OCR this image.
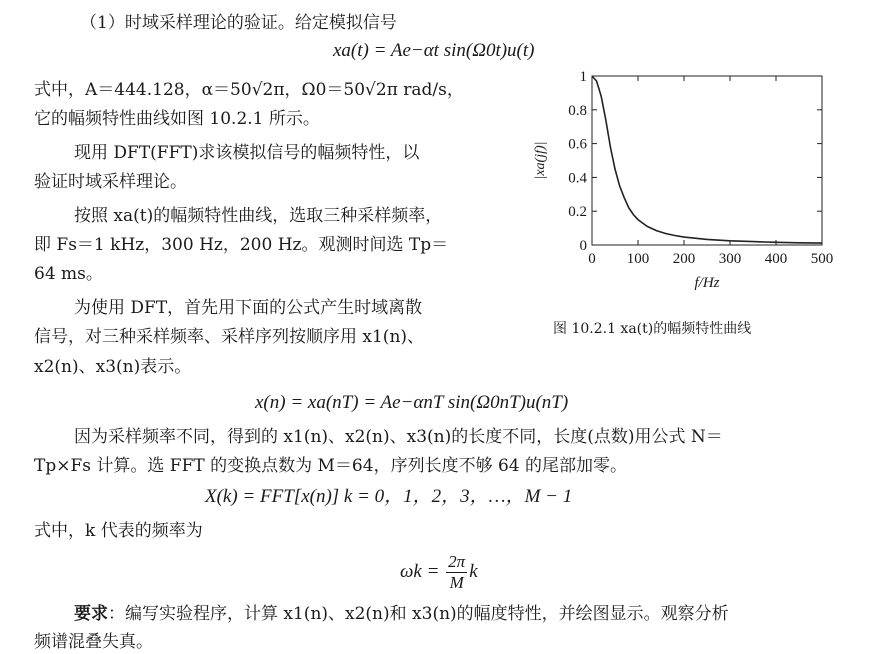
（1）时域采样理论的验证。给定模拟信号
xa(t) = Ae−αt sin(Ω0t)u(t)
式中，A＝444.128，α＝50√2π，Ω0＝50√2π rad/s，
它的幅频特性曲线如图 10.2.1 所示。
现用 DFT(FFT)求该模拟信号的幅频特性，以
验证时域采样理论。
按照 xa(t)的幅频特性曲线，选取三种采样频率，
即 Fs＝1 kHz，300 Hz，200 Hz。观测时间选 Tp＝
64 ms。
为使用 DFT，首先用下面的公式产生时域离散
信号，对三种采样频率、采样序列按顺序用 x1(n)、
x2(n)、x3(n)表示。
x(n) = xa(nT) = Ae−αnT sin(Ω0nT)u(nT)
因为采样频率不同，得到的 x1(n)、x2(n)、x3(n)的长度不同，长度(点数)用公式 N＝
Tp×Fs 计算。选 FFT 的变换点数为 M＝64，序列长度不够 64 的尾部加零。
X(k) = FFT[x(n)] k = 0，1，2，3，…，M − 1
式中，k 代表的频率为
$\omega k = \frac{2\pi}{M}$ k
要求：编写实验程序，计算 x1(n)、x2(n)和 x3(n)的幅度特性，并绘图显示。观察分析
频谱混叠失真。
0
0.2
0.4
0.6
0.8
1
0 100 200 300 400 500
f/Hz
|xa(jf)|
图 10.2.1 xa(t)的幅频特性曲线
